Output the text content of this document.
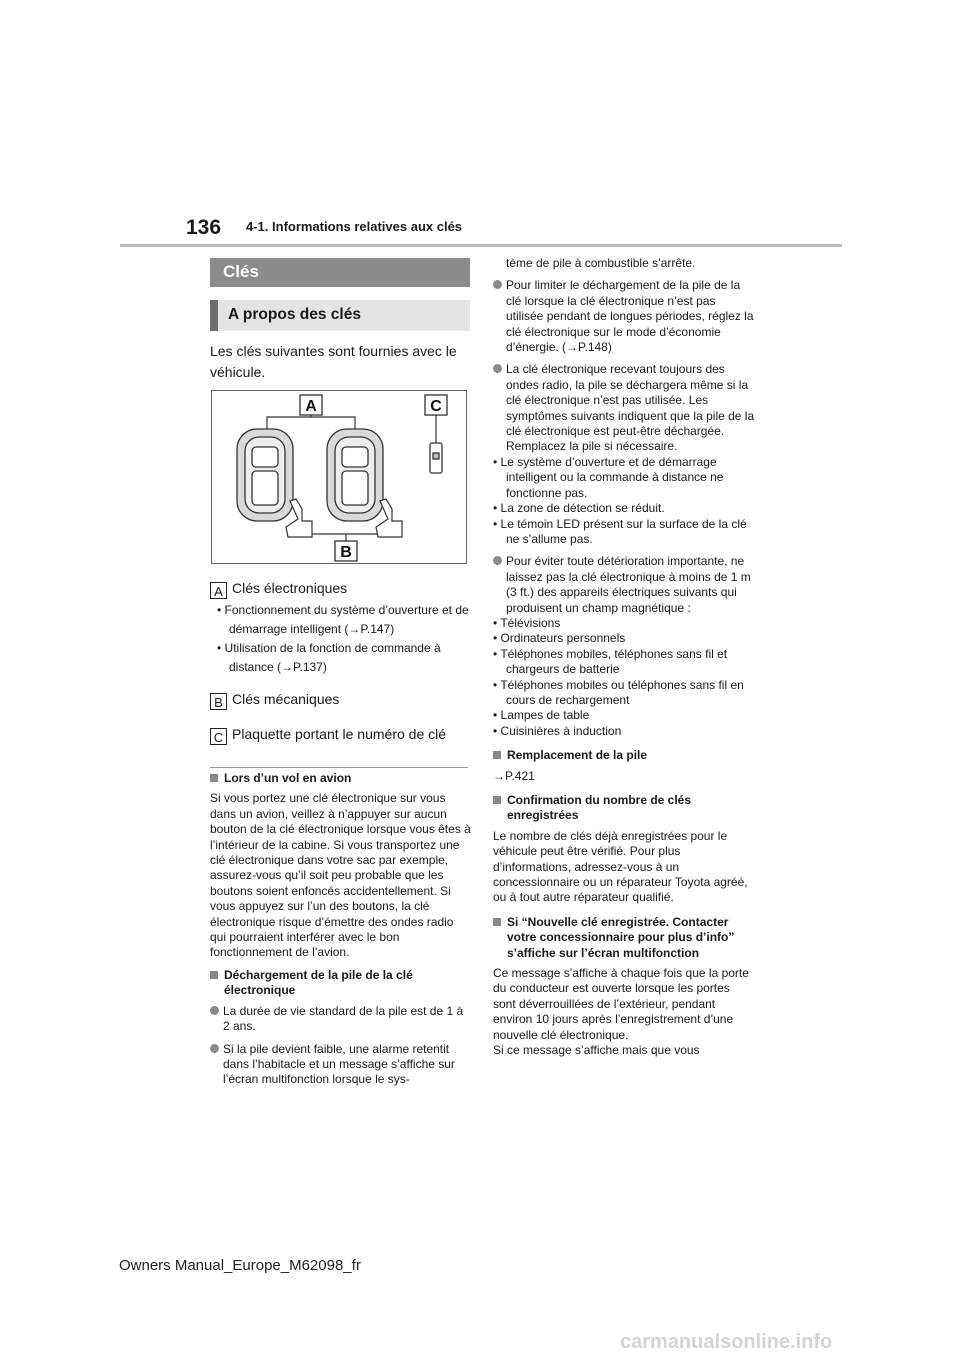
136 4-1. Informations relatives aux clés
Clés
A propos des clés
Les clés suivantes sont fournies avec le véhicule.
A	C
B
A Clés électroniques
• Fonctionnement du système d’ouverture et de démarrage intelligent (→P.147)
• Utilisation de la fonction de commande à distance (→P.137)
B Clés mécaniques
C Plaquette portant le numéro de clé
Lors d’un vol en avion
Si vous portez une clé électronique sur vous dans un avion, veillez à n’appuyer sur aucun bouton de la clé électronique lorsque vous êtes à l’intérieur de la cabine. Si vous transportez une clé électronique dans votre sac par exemple, assurez-vous qu’il soit peu probable que les boutons soient enfoncés accidentellement. Si vous appuyez sur l’un des boutons, la clé électronique risque d’émettre des ondes radio qui pourraient interférer avec le bon fonctionnement de l’avion.
Déchargement de la pile de la clé électronique
La durée de vie standard de la pile est de 1 à 2 ans.
Si la pile devient faible, une alarme retentit dans l’habitacle et un message s’affiche sur l’écran multifonction lorsque le sys-
tème de pile à combustible s’arrête.
Pour limiter le déchargement de la pile de la clé lorsque la clé électronique n’est pas utilisée pendant de longues périodes, réglez la clé électronique sur le mode d’économie d’énergie. (→P.148)
La clé électronique recevant toujours des ondes radio, la pile se déchargera même si la clé électronique n’est pas utilisée. Les symptômes suivants indiquent que la pile de la clé électronique est peut-être déchargée. Remplacez la pile si nécessaire.
• Le système d’ouverture et de démarrage intelligent ou la commande à distance ne fonctionne pas.
• La zone de détection se réduit.
• Le témoin LED présent sur la surface de la clé ne s’allume pas.
Pour éviter toute détérioration importante, ne laissez pas la clé électronique à moins de 1 m (3 ft.) des appareils électriques suivants qui produisent un champ magnétique :
• Télévisions
• Ordinateurs personnels
• Téléphones mobiles, téléphones sans fil et chargeurs de batterie
• Téléphones mobiles ou téléphones sans fil en cours de rechargement
• Lampes de table
• Cuisinières à induction
Remplacement de la pile
→P.421
Confirmation du nombre de clés enregistrées
Le nombre de clés déjà enregistrées pour le véhicule peut être vérifié. Pour plus d’informations, adressez-vous à un concessionnaire ou un réparateur Toyota agréé, ou à tout autre réparateur qualifié.
Si “Nouvelle clé enregistrée. Contacter votre concessionnaire pour plus d’info” s’affiche sur l’écran multifonction
Ce message s’affiche à chaque fois que la porte du conducteur est ouverte lorsque les portes sont déverrouillées de l’extérieur, pendant environ 10 jours après l’enregistrement d’une nouvelle clé électronique.
Si ce message s’affiche mais que vous
Owners Manual_Europe_M62098_fr
carmanualsonline.info
